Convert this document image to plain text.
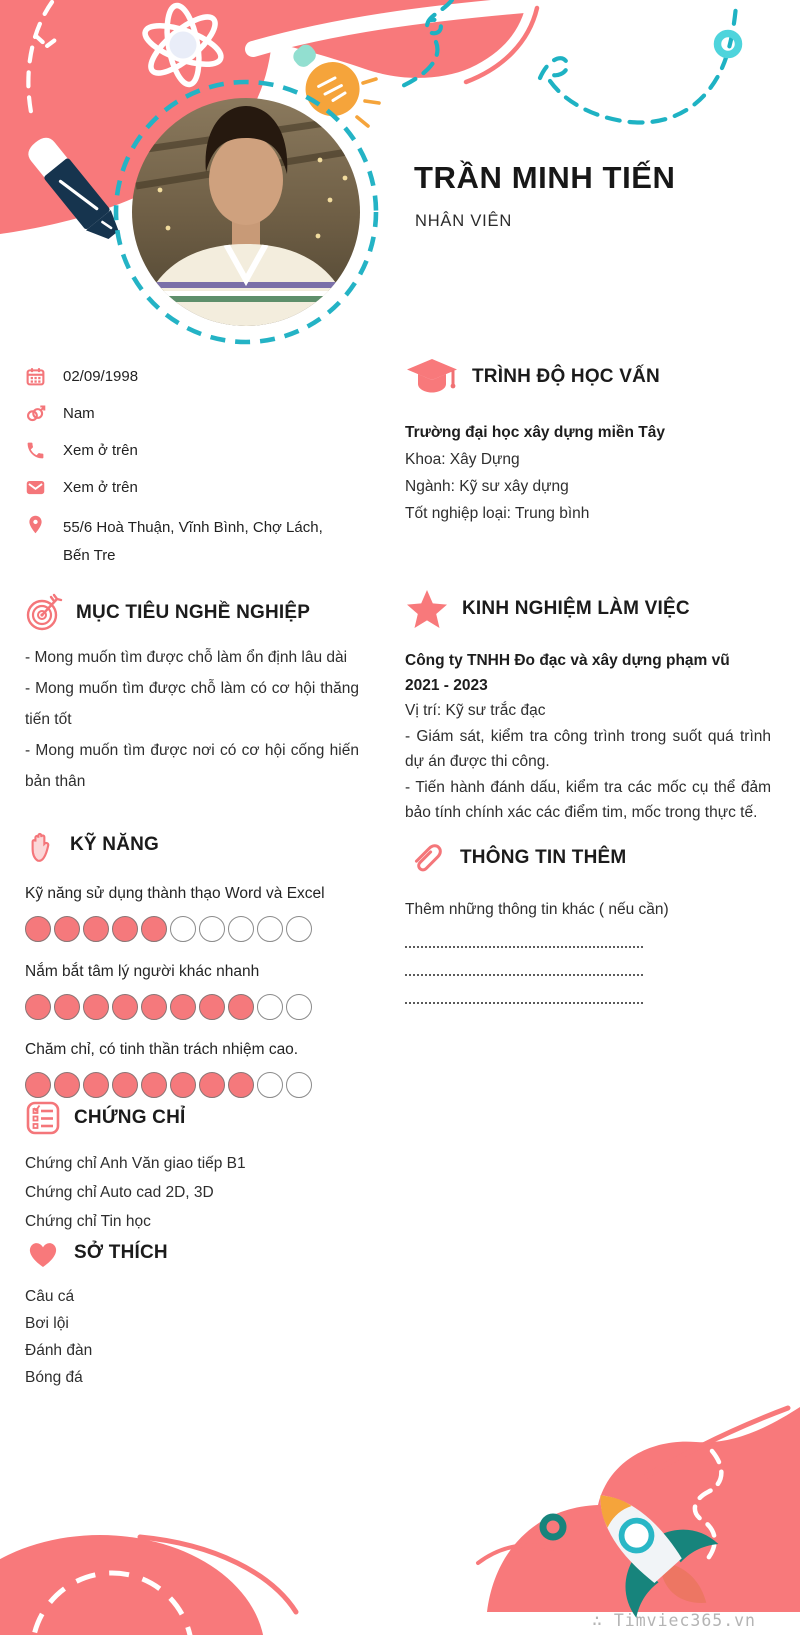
TRẦN MINH TIẾN
NHÂN VIÊN
02/09/1998
Nam
Xem ở trên
Xem ở trên
55/6 Hoà Thuận, Vĩnh Bình, Chợ Lách, Bến Tre
MỤC TIÊU NGHỀ NGHIỆP

- Mong muốn tìm được chỗ làm ổn định lâu dài

- Mong muốn tìm được chỗ làm có cơ hội thăng tiến tốt

- Mong muốn tìm được nơi có cơ hội cống hiến bản thân

KỸ NĂNG
Kỹ năng sử dụng thành thạo Word và Excel
Nắm bắt tâm lý người khác nhanh
Chăm chỉ, có tinh thần trách nhiệm cao.
CHỨNG CHỈ

Chứng chỉ Anh Văn giao tiếp B1

Chứng chỉ Auto cad 2D, 3D

Chứng chỉ Tin học

SỞ THÍCH

Câu cá

Bơi lội

Đánh đàn

Bóng đá

TRÌNH ĐỘ HỌC VẤN
Trường đại học xây dựng miền Tây

Khoa: Xây Dựng

Ngành: Kỹ sư xây dựng

Tốt nghiệp loại: Trung bình

KINH NGHIỆM LÀM VIỆC
Công ty TNHH Đo đạc và xây dựng phạm vũ
2021 - 2023

Vị trí: Kỹ sư trắc đạc

- Giám sát, kiểm tra công trình trong suốt quá trình dự án được thi công.

- Tiến hành đánh dấu, kiểm tra các mốc cụ thể đảm bảo tính chính xác các điểm tim, mốc trong thực tế.

THÔNG TIN THÊM
Thêm những thông tin khác ( nếu cần)
∴ Timviec365.vn
